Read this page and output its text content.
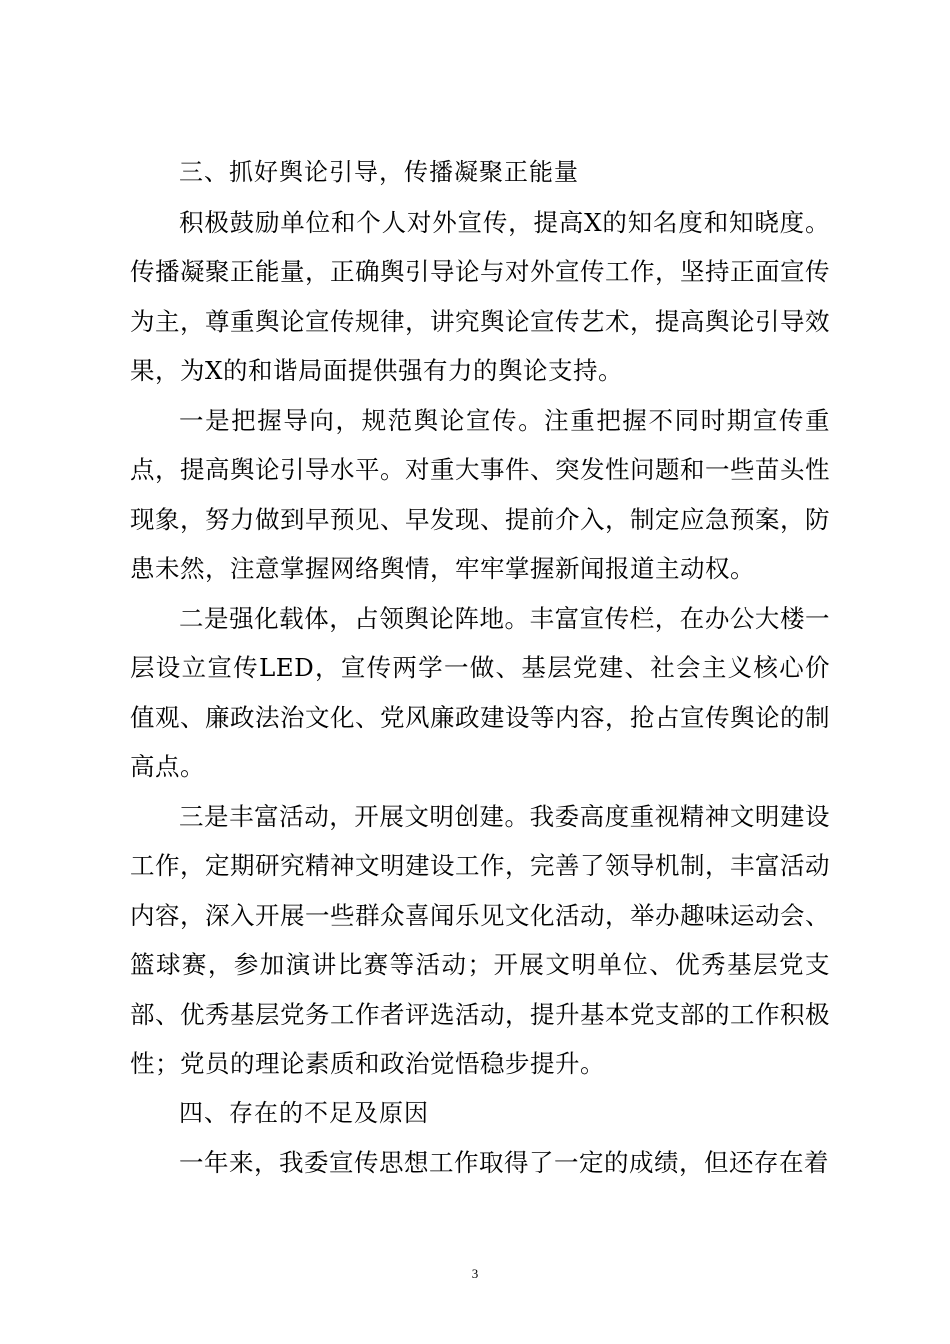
三、抓好舆论引导，传播凝聚正能量

积极鼓励单位和个人对外宣传，提高X的知名度和知晓度。传播凝聚正能量，正确舆引导论与对外宣传工作，坚持正面宣传为主，尊重舆论宣传规律，讲究舆论宣传艺术，提高舆论引导效果，为X的和谐局面提供强有力的舆论支持。

一是把握导向，规范舆论宣传。注重把握不同时期宣传重点，提高舆论引导水平。对重大事件、突发性问题和一些苗头性现象，努力做到早预见、早发现、提前介入，制定应急预案，防患未然，注意掌握网络舆情，牢牢掌握新闻报道主动权。

二是强化载体，占领舆论阵地。丰富宣传栏，在办公大楼一层设立宣传LED，宣传两学一做、基层党建、社会主义核心价值观、廉政法治文化、党风廉政建设等内容，抢占宣传舆论的制高点。

三是丰富活动，开展文明创建。我委高度重视精神文明建设工作，定期研究精神文明建设工作，完善了领导机制，丰富活动内容，深入开展一些群众喜闻乐见文化活动，举办趣味运动会、篮球赛，参加演讲比赛等活动；开展文明单位、优秀基层党支部、优秀基层党务工作者评选活动，提升基本党支部的工作积极性；党员的理论素质和政治觉悟稳步提升。

四、存在的不足及原因

一年来，我委宣传思想工作取得了一定的成绩，但还存在着

3
